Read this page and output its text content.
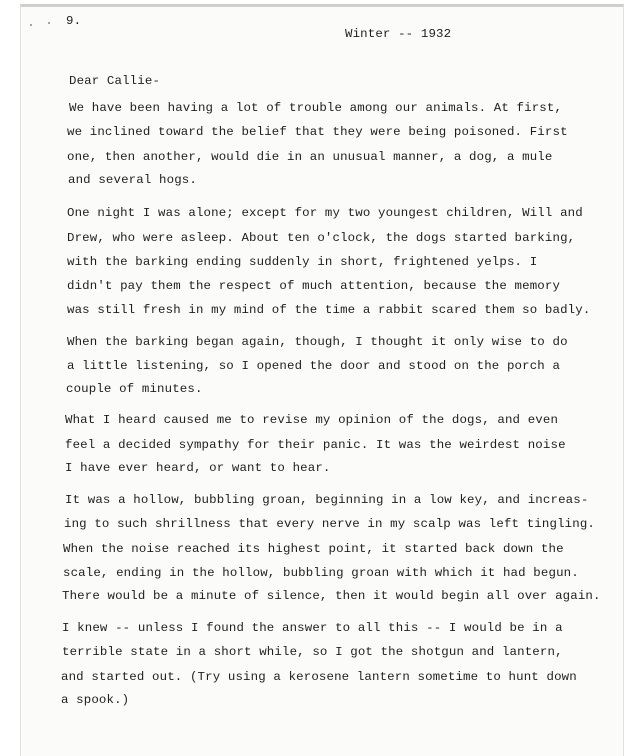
9.
Winter -- 1932
Dear Callie-
We have been having a lot of trouble among our animals. At first,
we inclined toward the belief that they were being poisoned. First
one, then another, would die in an unusual manner, a dog, a mule
and several hogs.
One night I was alone; except for my two youngest children, Will and
Drew, who were asleep. About ten o'clock, the dogs started barking,
with the barking ending suddenly in short, frightened yelps. I
didn't pay them the respect of much attention, because the memory
was still fresh in my mind of the time a rabbit scared them so badly.
When the barking began again, though, I thought it only wise to do
a little listening, so I opened the door and stood on the porch a
couple of minutes.
What I heard caused me to revise my opinion of the dogs, and even
feel a decided sympathy for their panic. It was the weirdest noise
I have ever heard, or want to hear.
It was a hollow, bubbling groan, beginning in a low key, and increas-
ing to such shrillness that every nerve in my scalp was left tingling.
When the noise reached its highest point, it started back down the
scale, ending in the hollow, bubbling groan with which it had begun.
There would be a minute of silence, then it would begin all over again.
I knew -- unless I found the answer to all this -- I would be in a
terrible state in a short while, so I got the shotgun and lantern,
and started out. (Try using a kerosene lantern sometime to hunt down
a spook.)
